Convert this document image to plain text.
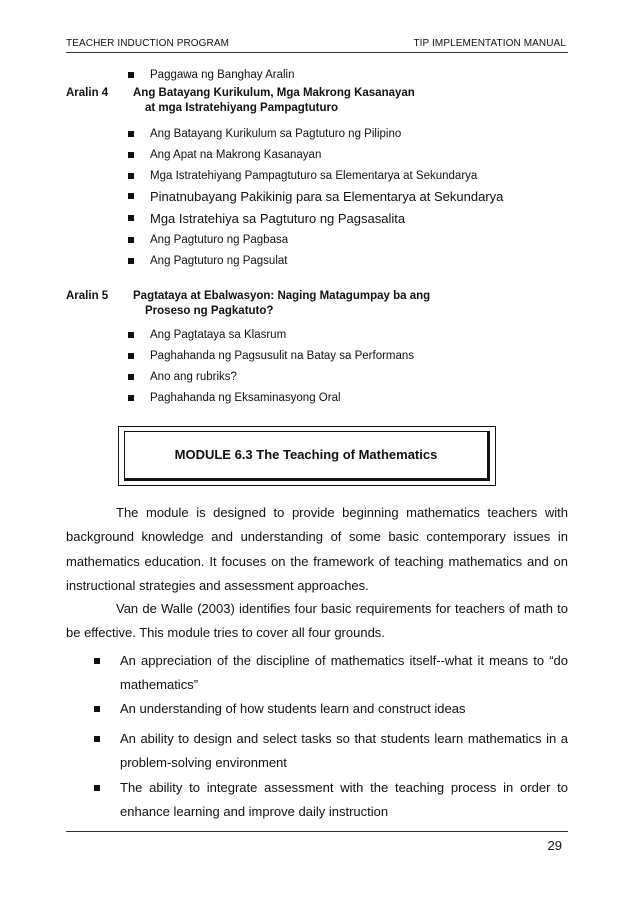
TEACHER INDUCTION PROGRAM	TIP IMPLEMENTATION MANUAL
Paggawa ng Banghay Aralin
Aralin 4 Ang Batayang Kurikulum, Mga Makrong Kasanayan
at mga Istratehiyang Pampagtuturo
Ang Batayang Kurikulum sa Pagtuturo ng Pilipino
Ang Apat na Makrong Kasanayan
Mga Istratehiyang Pampagtuturo sa Elementarya at Sekundarya
Pinatnubayang Pakikinig para sa Elementarya at Sekundarya
Mga Istratehiya sa Pagtuturo ng Pagsasalita
Ang Pagtuturo ng Pagbasa
Ang Pagtuturo ng Pagsulat
Aralin 5 Pagtataya at Ebalwasyon: Naging Matagumpay ba ang
Proseso ng Pagkatuto?
Ang Pagtataya sa Klasrum
Paghahanda ng Pagsusulit na Batay sa Performans
Ano ang rubriks?
Paghahanda ng Eksaminasyong Oral
MODULE 6.3 The Teaching of Mathematics
The module is designed to provide beginning mathematics teachers with background knowledge and understanding of some basic contemporary issues in mathematics education. It focuses on the framework of teaching mathematics and on instructional strategies and assessment approaches.
Van de Walle (2003) identifies four basic requirements for teachers of math to be effective. This module tries to cover all four grounds.
An appreciation of the discipline of mathematics itself--what it means to “do mathematics”
An understanding of how students learn and construct ideas
An ability to design and select tasks so that students learn mathematics in a problem-solving environment
The ability to integrate assessment with the teaching process in order to enhance learning and improve daily instruction
29
